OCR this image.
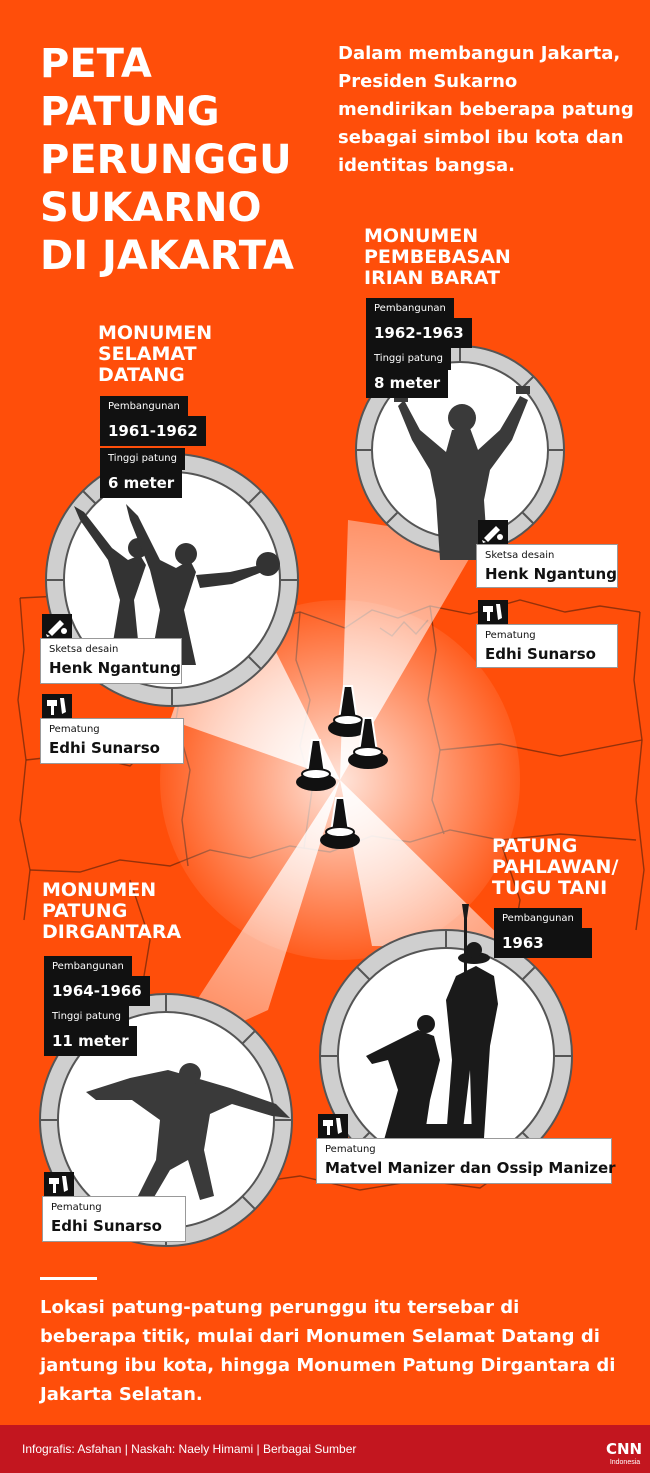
PETA
PATUNG
PERUNGGU
SUKARNO
DI JAKARTA

Dalam membangun Jakarta, Presiden Sukarno mendirikan beberapa patung sebagai simbol ibu kota dan identitas bangsa.

MONUMEN
PEMBEBASAN
IRIAN BARAT
Pembangunan
1962-1963
Tinggi patung
8 meter
Sketsa desain
Henk Ngantung
Pematung
Edhi Sunarso
MONUMEN
SELAMAT
DATANG
Pembangunan
1961-1962
Tinggi patung
6 meter
Sketsa desain
Henk Ngantung
Pematung
Edhi Sunarso
PATUNG
PAHLAWAN/
TUGU TANI
Pembangunan
1963
Pematung
Matvel Manizer dan Ossip Manizer
MONUMEN
PATUNG
DIRGANTARA
Pembangunan
1964-1966
Tinggi patung
11 meter
Pematung
Edhi Sunarso

Lokasi patung-patung perunggu itu tersebar di beberapa titik, mulai dari Monumen Selamat Datang di jantung ibu kota, hingga Monumen Patung Dirgantara di Jakarta Selatan.

Infografis: Asfahan | Naskah: Naely Himami | Berbagai Sumber	CNN
Indonesia
